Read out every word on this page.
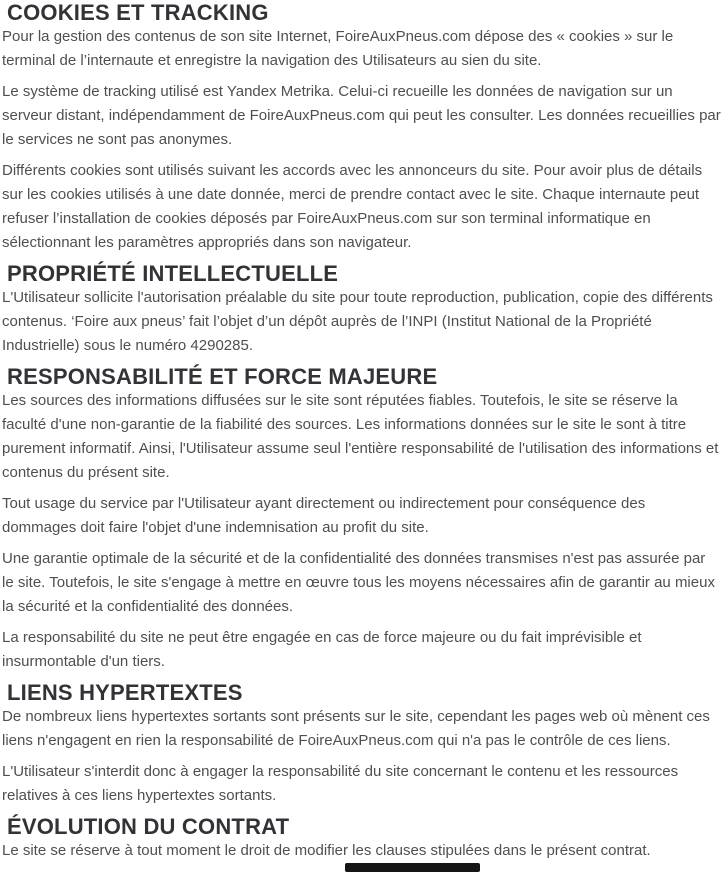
COOKIES ET TRACKING

Pour la gestion des contenus de son site Internet, FoireAuxPneus.com dépose des « cookies » sur le terminal de l’internaute et enregistre la navigation des Utilisateurs au sien du site.

Le système de tracking utilisé est Yandex Metrika. Celui-ci recueille les données de navigation sur un serveur distant, indépendamment de FoireAuxPneus.com qui peut les consulter. Les données recueillies par le services ne sont pas anonymes.

Différents cookies sont utilisés suivant les accords avec les annonceurs du site. Pour avoir plus de détails sur les cookies utilisés à une date donnée, merci de prendre contact avec le site. Chaque internaute peut refuser l’installation de cookies déposés par FoireAuxPneus.com sur son terminal informatique en sélectionnant les paramètres appropriés dans son navigateur.

PROPRIÉTÉ INTELLECTUELLE

L'Utilisateur sollicite l'autorisation préalable du site pour toute reproduction, publication, copie des différents contenus. ‘Foire aux pneus’ fait l’objet d’un dépôt auprès de l’INPI (Institut National de la Propriété Industrielle) sous le numéro 4290285.

RESPONSABILITÉ ET FORCE MAJEURE

Les sources des informations diffusées sur le site sont réputées fiables. Toutefois, le site se réserve la faculté d'une non-garantie de la fiabilité des sources. Les informations données sur le site le sont à titre purement informatif. Ainsi, l'Utilisateur assume seul l'entière responsabilité de l'utilisation des informations et contenus du présent site.

Tout usage du service par l'Utilisateur ayant directement ou indirectement pour conséquence des dommages doit faire l'objet d'une indemnisation au profit du site.

Une garantie optimale de la sécurité et de la confidentialité des données transmises n'est pas assurée par le site. Toutefois, le site s'engage à mettre en œuvre tous les moyens nécessaires afin de garantir au mieux la sécurité et la confidentialité des données.

La responsabilité du site ne peut être engagée en cas de force majeure ou du fait imprévisible et insurmontable d'un tiers.

LIENS HYPERTEXTES

De nombreux liens hypertextes sortants sont présents sur le site, cependant les pages web où mènent ces liens n'engagent en rien la responsabilité de FoireAuxPneus.com qui n'a pas le contrôle de ces liens.

L'Utilisateur s'interdit donc à engager la responsabilité du site concernant le contenu et les ressources relatives à ces liens hypertextes sortants.

ÉVOLUTION DU CONTRAT

Le site se réserve à tout moment le droit de modifier les clauses stipulées dans le présent contrat.
